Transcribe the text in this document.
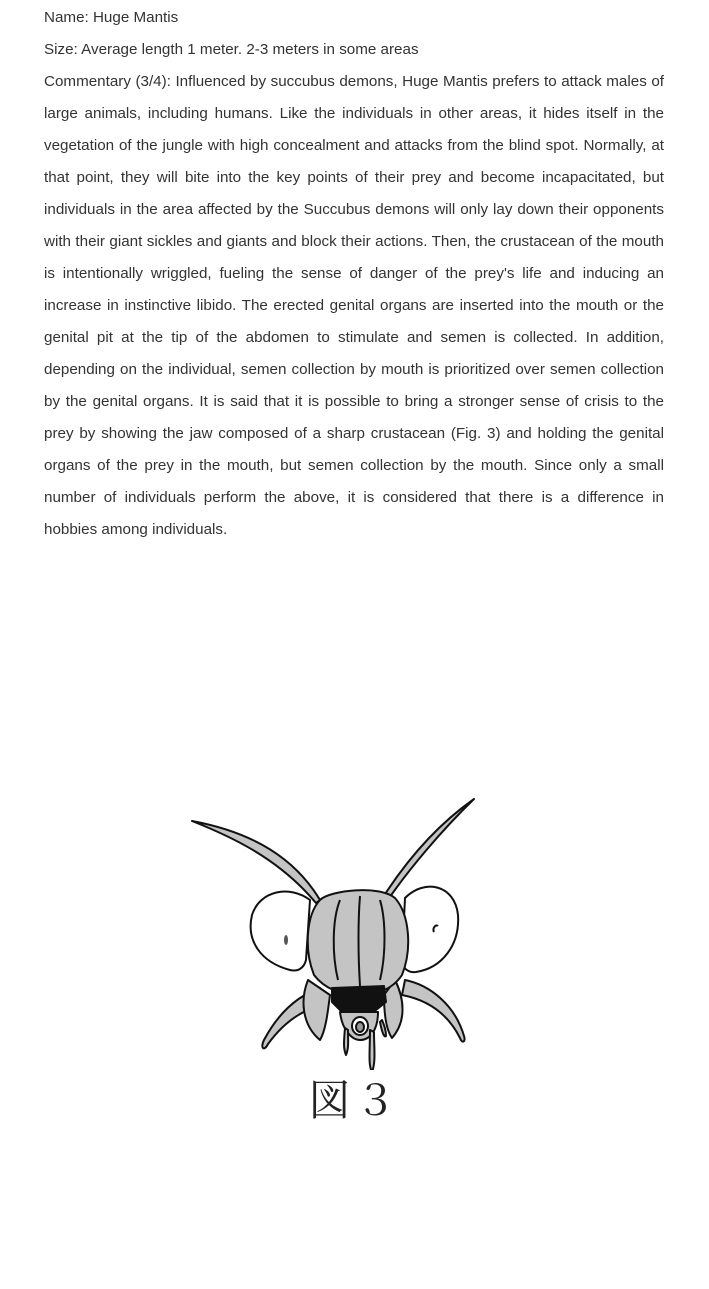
Name: Huge Mantis

Size: Average length 1 meter. 2-3 meters in some areas

Commentary (3/4): Influenced by succubus demons, Huge Mantis prefers to attack males of large animals, including humans. Like the individuals in other areas, it hides itself in the vegetation of the jungle with high concealment and attacks from the blind spot. Normally, at that point, they will bite into the key points of their prey and become incapacitated, but individuals in the area affected by the Succubus demons will only lay down their opponents with their giant sickles and giants and block their actions. Then, the crustacean of the mouth is intentionally wriggled, fueling the sense of danger of the prey's life and inducing an increase in instinctive libido. The erected genital organs are inserted into the mouth or the genital pit at the tip of the abdomen to stimulate and semen is collected. In addition, depending on the individual, semen collection by mouth is prioritized over semen collection by the genital organs. It is said that it is possible to bring a stronger sense of crisis to the prey by showing the jaw composed of a sharp crustacean (Fig. 3) and holding the genital organs of the prey in the mouth, but semen collection by the mouth. Since only a small number of individuals perform the above, it is considered that there is a difference in hobbies among individuals.

図３
